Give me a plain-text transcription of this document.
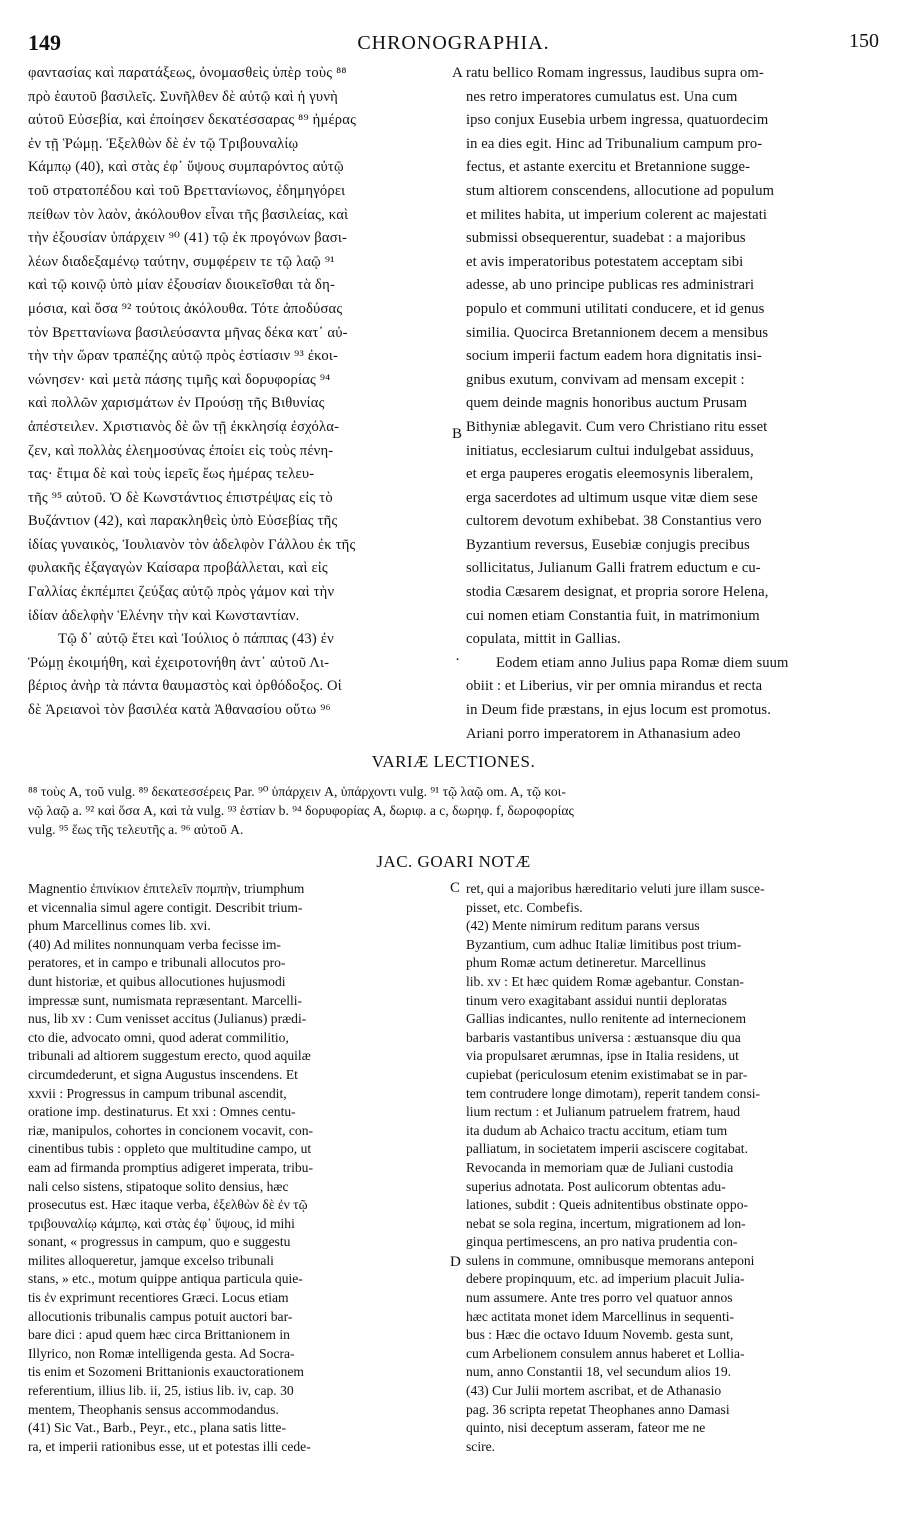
149	CHRONOGRAPHIA.	150
φαντασίας καὶ παρατάξεως, ὀνομασθεὶς ὑπὲρ τοὺς ⁸⁸
πρὸ ἑαυτοῦ βασιλεῖς. Συνῆλθεν δὲ αὐτῷ καὶ ἡ γυνὴ
αὐτοῦ Εὐσεβία, καὶ ἐποίησεν δεκατέσσαρας ⁸⁹ ἡμέρας
ἐν τῇ Ῥώμῃ. Ἐξελθὼν δὲ ἐν τῷ Τριβουναλίῳ
Κάμπῳ (40), καὶ στὰς ἐφ᾽ ὕψους συμπαρόντος αὐτῷ
τοῦ στρατοπέδου καὶ τοῦ Βρεττανίωνος, ἐδημηγόρει
πείθων τὸν λαὸν, ἀκόλουθον εἶναι τῆς βασιλείας, καὶ
τὴν ἐξουσίαν ὑπάρχειν ⁹⁰ (41) τῷ ἐκ προγόνων βασι-
λέων διαδεξαμένῳ ταύτην, συμφέρειν τε τῷ λαῷ ⁹¹
καὶ τῷ κοινῷ ὑπὸ μίαν ἐξουσίαν διοικεῖσθαι τὰ δη-
μόσια, καὶ ὅσα ⁹² τούτοις ἀκόλουθα. Τότε ἀποδύσας
τὸν Βρεττανίωνα βασιλεύσαντα μῆνας δέκα κατ᾽ αὐ-
τὴν τὴν ὥραν τραπέζης αὐτῷ πρὸς ἑστίασιν ⁹³ ἐκοι-
νώνησεν· καὶ μετὰ πάσης τιμῆς καὶ δορυφορίας ⁹⁴
καὶ πολλῶν χαρισμάτων ἐν Προύσῃ τῆς Βιθυνίας
ἀπέστειλεν. Χριστιανὸς δὲ ὢν τῇ ἐκκλησίᾳ ἐσχόλα-
ζεν, καὶ πολλὰς ἐλεημοσύνας ἐποίει εἰς τοὺς πένη-
τας· ἔτιμα δὲ καὶ τοὺς ἱερεῖς ἕως ἡμέρας τελευ-
τῆς ⁹⁵ αὐτοῦ. Ὁ δὲ Κωνστάντιος ἐπιστρέψας εἰς τὸ
Βυζάντιον (42), καὶ παρακληθεὶς ὑπὸ Εὐσεβίας τῆς
ἰδίας γυναικὸς, Ἰουλιανὸν τὸν ἀδελφὸν Γάλλου ἐκ τῆς
φυλακῆς ἐξαγαγὼν Καίσαρα προβάλλεται, καὶ εἰς
Γαλλίας ἐκπέμπει ζεύξας αὐτῷ πρὸς γάμον καὶ τὴν
ἰδίαν ἀδελφὴν Ἑλένην τὴν καὶ Κωνσταντίαν.
Τῷ δ᾽ αὐτῷ ἔτει καὶ Ἰούλιος ὁ πάππας (43) ἐν
Ῥώμῃ ἐκοιμήθη, καὶ ἐχειροτονήθη ἀντ᾽ αὐτοῦ Λι-
βέριος ἀνὴρ τὰ πάντα θαυμαστὸς καὶ ὀρθόδοξος. Οἱ
δὲ Ἀρειανοὶ τὸν βασιλέα κατὰ Ἀθανασίου οὕτω ⁹⁶
ratu bellico Romam ingressus, laudibus supra om-
nes retro imperatores cumulatus est. Una cum
ipso conjux Eusebia urbem ingressa, quatuordecim
in ea dies egit. Hinc ad Tribunalium campum pro-
fectus, et astante exercitu et Bretannione sugge-
stum altiorem conscendens, allocutione ad populum
et milites habita, ut imperium colerent ac majestati
submissi obsequerentur, suadebat : a majoribus
et avis imperatoribus potestatem acceptam sibi
adesse, ab uno principe publicas res administrari
populo et communi utilitati conducere, et id genus
similia. Quocirca Bretannionem decem a mensibus
socium imperii factum eadem hora dignitatis insi-
gnibus exutum, convivam ad mensam excepit :
quem deinde magnis honoribus auctum Prusam
Bithyniæ ablegavit. Cum vero Christiano ritu esset
initiatus, ecclesiarum cultui indulgebat assiduus,
et erga pauperes erogatis eleemosynis liberalem,
erga sacerdotes ad ultimum usque vitæ diem sese
cultorem devotum exhibebat. 38 Constantius vero
Byzantium reversus, Eusebiæ conjugis precibus
sollicitatus, Julianum Galli fratrem eductum e cu-
stodia Cæsarem designat, et propria sorore Helena,
cui nomen etiam Constantia fuit, in matrimonium
copulata, mittit in Gallias.
Eodem etiam anno Julius papa Romæ diem suum
obiit : et Liberius, vir per omnia mirandus et recta
in Deum fide præstans, in ejus locum est promotus.
Ariani porro imperatorem in Athanasium adeo
A
B
·
VARIÆ LECTIONES.
⁸⁸ τοὺς A, τοῦ vulg. ⁸⁹ δεκατεσσέρεις Par. ⁹⁰ ὑπάρχειν A, ὑπάρχοντι vulg. ⁹¹ τῷ λαῷ om. A, τῷ κοι-
νῷ λαῷ a. ⁹² καὶ ὅσα A, καὶ τὰ vulg. ⁹³ ἑστίαν b. ⁹⁴ δορυφορίας A, δωριφ. a c, δωρηφ. f, δωροφορίας
vulg. ⁹⁵ ἕως τῆς τελευτῆς a. ⁹⁶ αὐτοῦ A.
JAC. GOARI NOTÆ
Magnentio ἐπινίκιον ἐπιτελεῖν πομπὴν, triumphum
et vicennalia simul agere contigit. Describit trium-
phum Marcellinus comes lib. xvi.
(40) Ad milites nonnunquam verba fecisse im-
peratores, et in campo e tribunali allocutos pro-
dunt historiæ, et quibus allocutiones hujusmodi
impressæ sunt, numismata repræsentant. Marcelli-
nus, lib xv : Cum venisset accitus (Julianus) prædi-
cto die, advocato omni, quod aderat commilitio,
tribunali ad altiorem suggestum erecto, quod aquilæ
circumdederunt, et signa Augustus inscendens. Et
xxvii : Progressus in campum tribunal ascendit,
oratione imp. destinaturus. Et xxi : Omnes centu-
riæ, manipulos, cohortes in concionem vocavit, con-
cinentibus tubis : oppleto que multitudine campo, ut
eam ad firmanda promptius adigeret imperata, tribu-
nali celso sistens, stipatoque solito densius, hæc
prosecutus est. Hæc itaque verba, ἐξελθὼν δὲ ἐν τῷ
τριβουναλίῳ κάμπῳ, καὶ στὰς ἐφ᾽ ὕψους, id mihi
sonant, « progressus in campum, quo e suggestu
milites alloqueretur, jamque excelso tribunali
stans, » etc., motum quippe antiqua particula quie-
tis ἐν exprimunt recentiores Græci. Locus etiam
allocutionis tribunalis campus potuit auctori bar-
bare dici : apud quem hæc circa Brittanionem in
Illyrico, non Romæ intelligenda gesta. Ad Socra-
tis enim et Sozomeni Brittanionis exauctorationem
referentium, illius lib. ii, 25, istius lib. iv, cap. 30
mentem, Theophanis sensus accommodandus.
(41) Sic Vat., Barb., Peyr., etc., plana satis litte-
ra, et imperii rationibus esse, ut et potestas illi cede-
ret, qui a majoribus hæreditario veluti jure illam susce-
pisset, etc. Combefis.
(42) Mente nimirum reditum parans versus
Byzantium, cum adhuc Italiæ limitibus post trium-
phum Romæ actum detineretur. Marcellinus
lib. xv : Et hæc quidem Romæ agebantur. Constan-
tinum vero exagitabant assidui nuntii deploratas
Gallias indicantes, nullo renitente ad internecionem
barbaris vastantibus universa : æstuansque diu qua
via propulsaret ærumnas, ipse in Italia residens, ut
cupiebat (periculosum etenim existimabat se in par-
tem contrudere longe dimotam), reperit tandem consi-
lium rectum : et Julianum patruelem fratrem, haud
ita dudum ab Achaico tractu accitum, etiam tum
palliatum, in societatem imperii asciscere cogitabat.
Revocanda in memoriam quæ de Juliani custodia
superius adnotata. Post aulicorum obtentas adu-
lationes, subdit : Queis adnitentibus obstinate oppo-
nebat se sola regina, incertum, migrationem ad lon-
ginqua pertimescens, an pro nativa prudentia con-
sulens in commune, omnibusque memorans anteponi
debere propinquum, etc. ad imperium placuit Julia-
num assumere. Ante tres porro vel quatuor annos
hæc actitata monet idem Marcellinus in sequenti-
bus : Hæc die octavo Iduum Novemb. gesta sunt,
cum Arbelionem consulem annus haberet et Lollia-
num, anno Constantii 18, vel secundum alios 19.
(43) Cur Julii mortem ascribat, et de Athanasio
pag. 36 scripta repetat Theophanes anno Damasi
quinto, nisi deceptum asseram, fateor me ne
scire.
C
D
